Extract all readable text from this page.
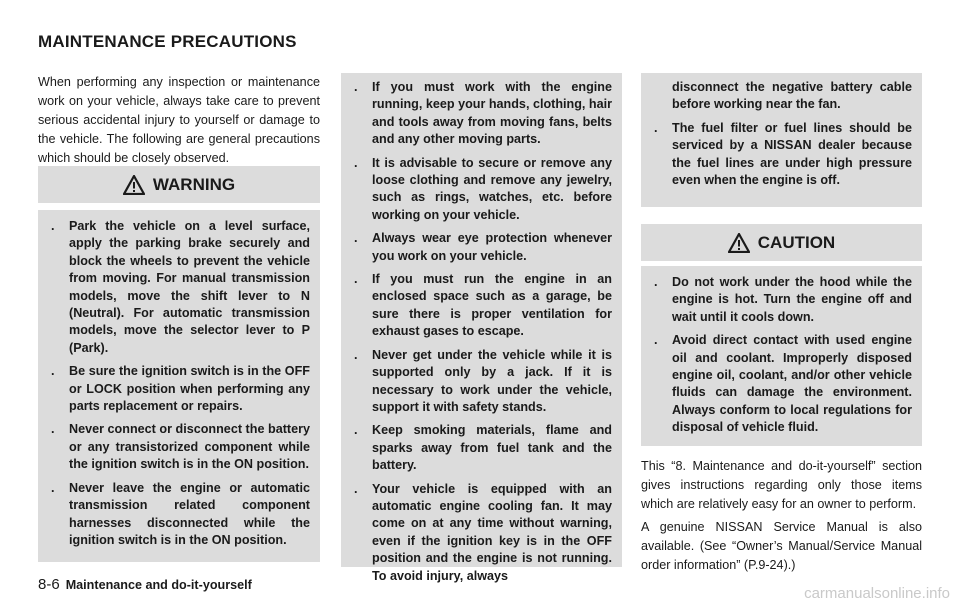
MAINTENANCE PRECAUTIONS

When performing any inspection or maintenance work on your vehicle, always take care to prevent serious accidental injury to yourself or damage to the vehicle. The following are general precautions which should be closely observed.

WARNING
. Park the vehicle on a level surface, apply the parking brake securely and block the wheels to prevent the vehicle from moving. For manual transmission models, move the shift lever to N (Neutral). For automatic transmission models, move the selector lever to P (Park).
. Be sure the ignition switch is in the OFF or LOCK position when performing any parts replacement or repairs.
. Never connect or disconnect the battery or any transistorized component while the ignition switch is in the ON position.
. Never leave the engine or automatic transmission related component harnesses disconnected while the ignition switch is in the ON position.
. If you must work with the engine running, keep your hands, clothing, hair and tools away from moving fans, belts and any other moving parts.
. It is advisable to secure or remove any loose clothing and remove any jewelry, such as rings, watches, etc. before working on your vehicle.
. Always wear eye protection whenever you work on your vehicle.
. If you must run the engine in an enclosed space such as a garage, be sure there is proper ventilation for exhaust gases to escape.
. Never get under the vehicle while it is supported only by a jack. If it is necessary to work under the vehicle, support it with safety stands.
. Keep smoking materials, flame and sparks away from fuel tank and the battery.
. Your vehicle is equipped with an automatic engine cooling fan. It may come on at any time without warning, even if the ignition key is in the OFF position and the engine is not running. To avoid injury, always
disconnect the negative battery cable before working near the fan.
. The fuel filter or fuel lines should be serviced by a NISSAN dealer because the fuel lines are under high pressure even when the engine is off.
CAUTION
. Do not work under the hood while the engine is hot. Turn the engine off and wait until it cools down.
. Avoid direct contact with used engine oil and coolant. Improperly disposed engine oil, coolant, and/or other vehicle fluids can damage the environment. Always conform to local regulations for disposal of vehicle fluid.

This “8. Maintenance and do-it-yourself” section gives instructions regarding only those items which are relatively easy for an owner to perform.

A genuine NISSAN Service Manual is also available. (See “Owner’s Manual/Service Manual order information” (P.9-24).)

8-6 Maintenance and do-it-yourself	carmanualsonline.info
